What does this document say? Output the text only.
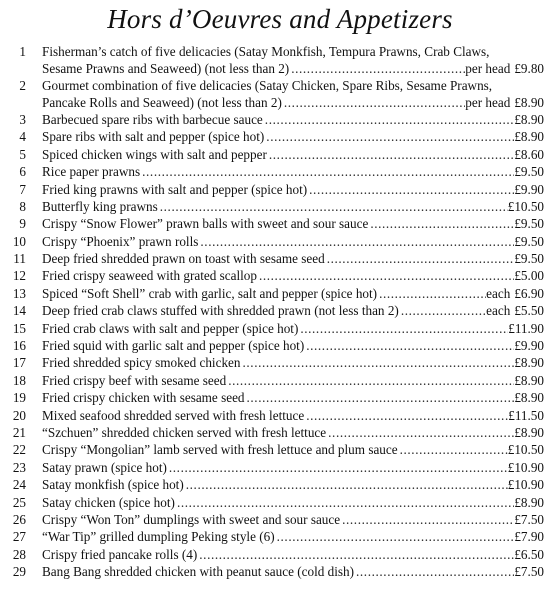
Hors d’Oeuvres and Appetizers
1	Fisherman’s catch of five delicacies (Satay Monkfish, Tempura Prawns, Crab Claws,
Sesame Prawns and Seaweed) (not less than 2) .....	per head £9.80
2	Gourmet combination of five delicacies (Satay Chicken, Spare Ribs, Sesame Prawns,
Pancake Rolls and Seaweed) (not less than 2) .....	per head £8.90
3	Barbecued spare ribs with barbecue sauce .....	£8.90
4	Spare ribs with salt and pepper (spice hot) .....	£8.90
5	Spiced chicken wings with salt and pepper .....	£8.60
6	Rice paper prawns .....	£9.50
7	Fried king prawns with salt and pepper (spice hot) .....	£9.90
8	Butterfly king prawns .....	£10.50
9	Crispy “Snow Flower” prawn balls with sweet and sour sauce .....	£9.50
10	Crispy “Phoenix” prawn rolls .....	£9.50
11	Deep fried shredded prawn on toast with sesame seed .....	£9.50
12	Fried crispy seaweed with grated scallop .....	£5.00
13	Spiced “Soft Shell” crab with garlic, salt and pepper (spice hot) .....	each £6.90
14	Deep fried crab claws stuffed with shredded prawn (not less than 2) .....	each £5.50
15	Fried crab claws with salt and pepper (spice hot) .....	£11.90
16	Fried squid with garlic salt and pepper (spice hot) .....	£9.90
17	Fried shredded spicy smoked chicken .....	£8.90
18	Fried crispy beef with sesame seed .....	£8.90
19	Fried crispy chicken with sesame seed .....	£8.90
20	Mixed seafood shredded served with fresh lettuce .....	£11.50
21	“Szchuen” shredded chicken served with fresh lettuce .....	£8.90
22	Crispy “Mongolian” lamb served with fresh lettuce and plum sauce .....	£10.50
23	Satay prawn (spice hot) .....	£10.90
24	Satay monkfish (spice hot) .....	£10.90
25	Satay chicken (spice hot) .....	£8.90
26	Crispy “Won Ton” dumplings with sweet and sour sauce .....	£7.50
27	“War Tip” grilled dumpling Peking style (6) .....	£7.90
28	Crispy fried pancake rolls (4) .....	£6.50
29	Bang Bang shredded chicken with peanut sauce (cold dish) .....	£7.50
